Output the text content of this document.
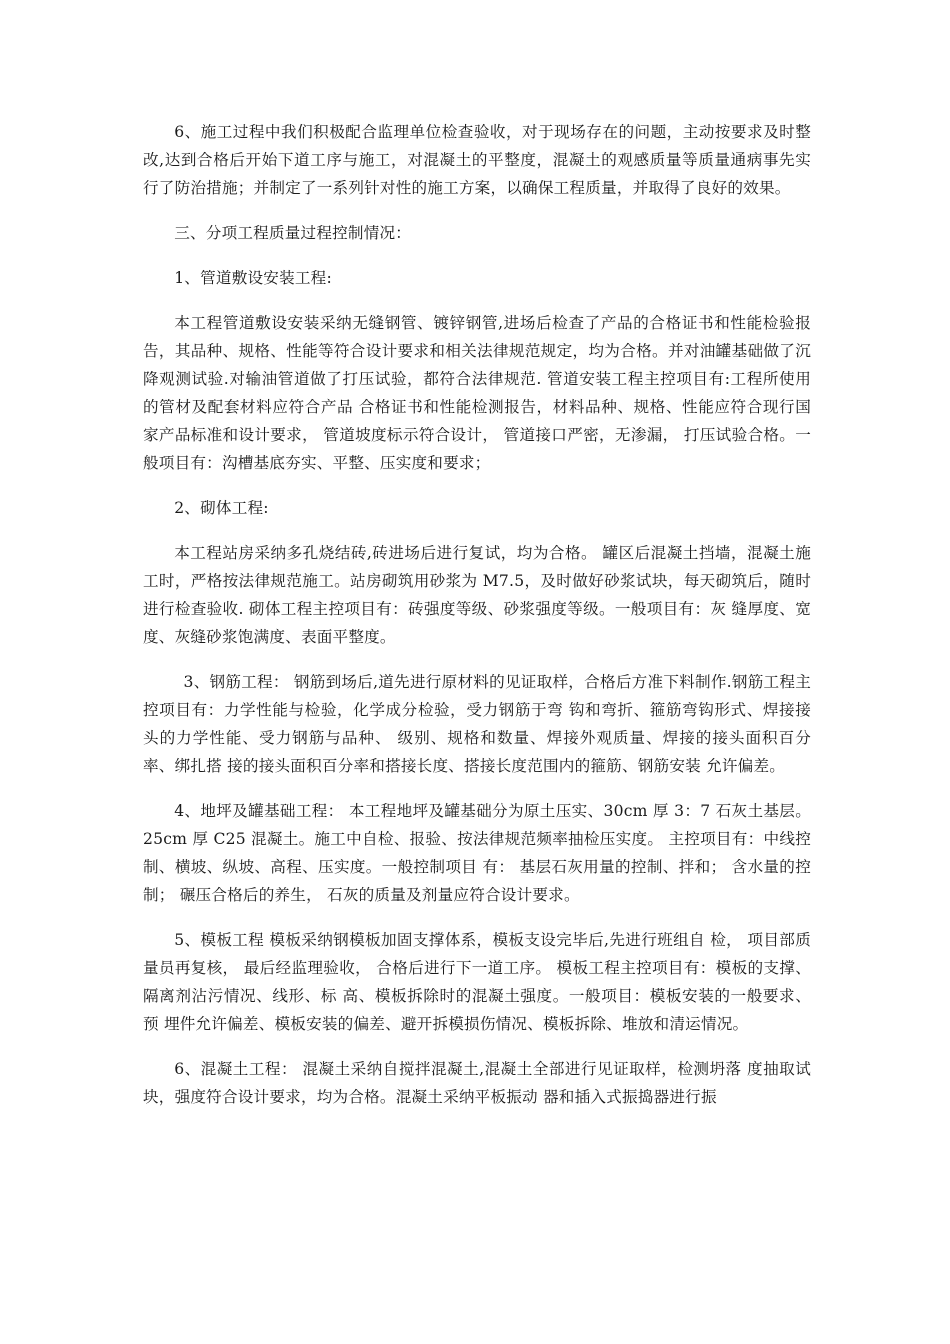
6、施工过程中我们积极配合监理单位检查验收，对于现场存在的问题，主动按要求及时整改,达到合格后开始下道工序与施工，对混凝土的平整度，混凝土的观感质量等质量通病事先实行了防治措施；并制定了一系列针对性的施工方案，以确保工程质量，并取得了良好的效果。

三、分项工程质量过程控制情况：

1、管道敷设安装工程:

本工程管道敷设安装采纳无缝钢管、镀锌钢管,进场后检查了产品的合格证书和性能检验报告，其品种、规格、性能等符合设计要求和相关法律规范规定，均为合格。并对油罐基础做了沉降观测试验.对输油管道做了打压试验，都符合法律规范. 管道安装工程主控项目有:工程所使用的管材及配套材料应符合产品 合格证书和性能检测报告，材料品种、规格、性能应符合现行国家产品标准和设计要求， 管道坡度标示符合设计， 管道接口严密，无渗漏， 打压试验合格。一般项目有：沟槽基底夯实、平整、压实度和要求；

2、砌体工程:

本工程站房采纳多孔烧结砖,砖进场后进行复试，均为合格。 罐区后混凝土挡墙，混凝土施工时，严格按法律规范施工。站房砌筑用砂浆为 M7.5，及时做好砂浆试块，每天砌筑后，随时进行检查验收. 砌体工程主控项目有：砖强度等级、砂浆强度等级。一般项目有：灰 缝厚度、宽度、灰缝砂浆饱满度、表面平整度。

3、钢筋工程： 钢筋到场后,道先进行原材料的见证取样，合格后方准下料制作.钢筋工程主控项目有：力学性能与检验，化学成分检验，受力钢筋于弯 钩和弯折、箍筋弯钩形式、焊接接头的力学性能、受力钢筋与品种、 级别、规格和数量、焊接外观质量、焊接的接头面积百分率、绑扎搭 接的接头面积百分率和搭接长度、搭接长度范围内的箍筋、钢筋安装 允许偏差。

4、地坪及罐基础工程： 本工程地坪及罐基础分为原土压实、30cm 厚 3：7 石灰土基层。 25cm 厚 C25 混凝土。施工中自检、报验、按法律规范频率抽检压实度。 主控项目有：中线控制、横坡、纵坡、高程、压实度。一般控制项目 有： 基层石灰用量的控制、拌和； 含水量的控制； 碾压合格后的养生， 石灰的质量及剂量应符合设计要求。

5、模板工程 模板采纳钢模板加固支撑体系，模板支设完毕后,先进行班组自 检， 项目部质量员再复核， 最后经监理验收， 合格后进行下一道工序。 模板工程主控项目有：模板的支撑、隔离剂沾污情况、线形、标 高、模板拆除时的混凝土强度。一般项目：模板安装的一般要求、预 埋件允许偏差、模板安装的偏差、避开拆模损伤情况、模板拆除、堆放和清运情况。

6、混凝土工程： 混凝土采纳自搅拌混凝土,混凝土全部进行见证取样，检测坍落 度抽取试块，强度符合设计要求，均为合格。混凝土采纳平板振动 器和插入式振捣器进行振
